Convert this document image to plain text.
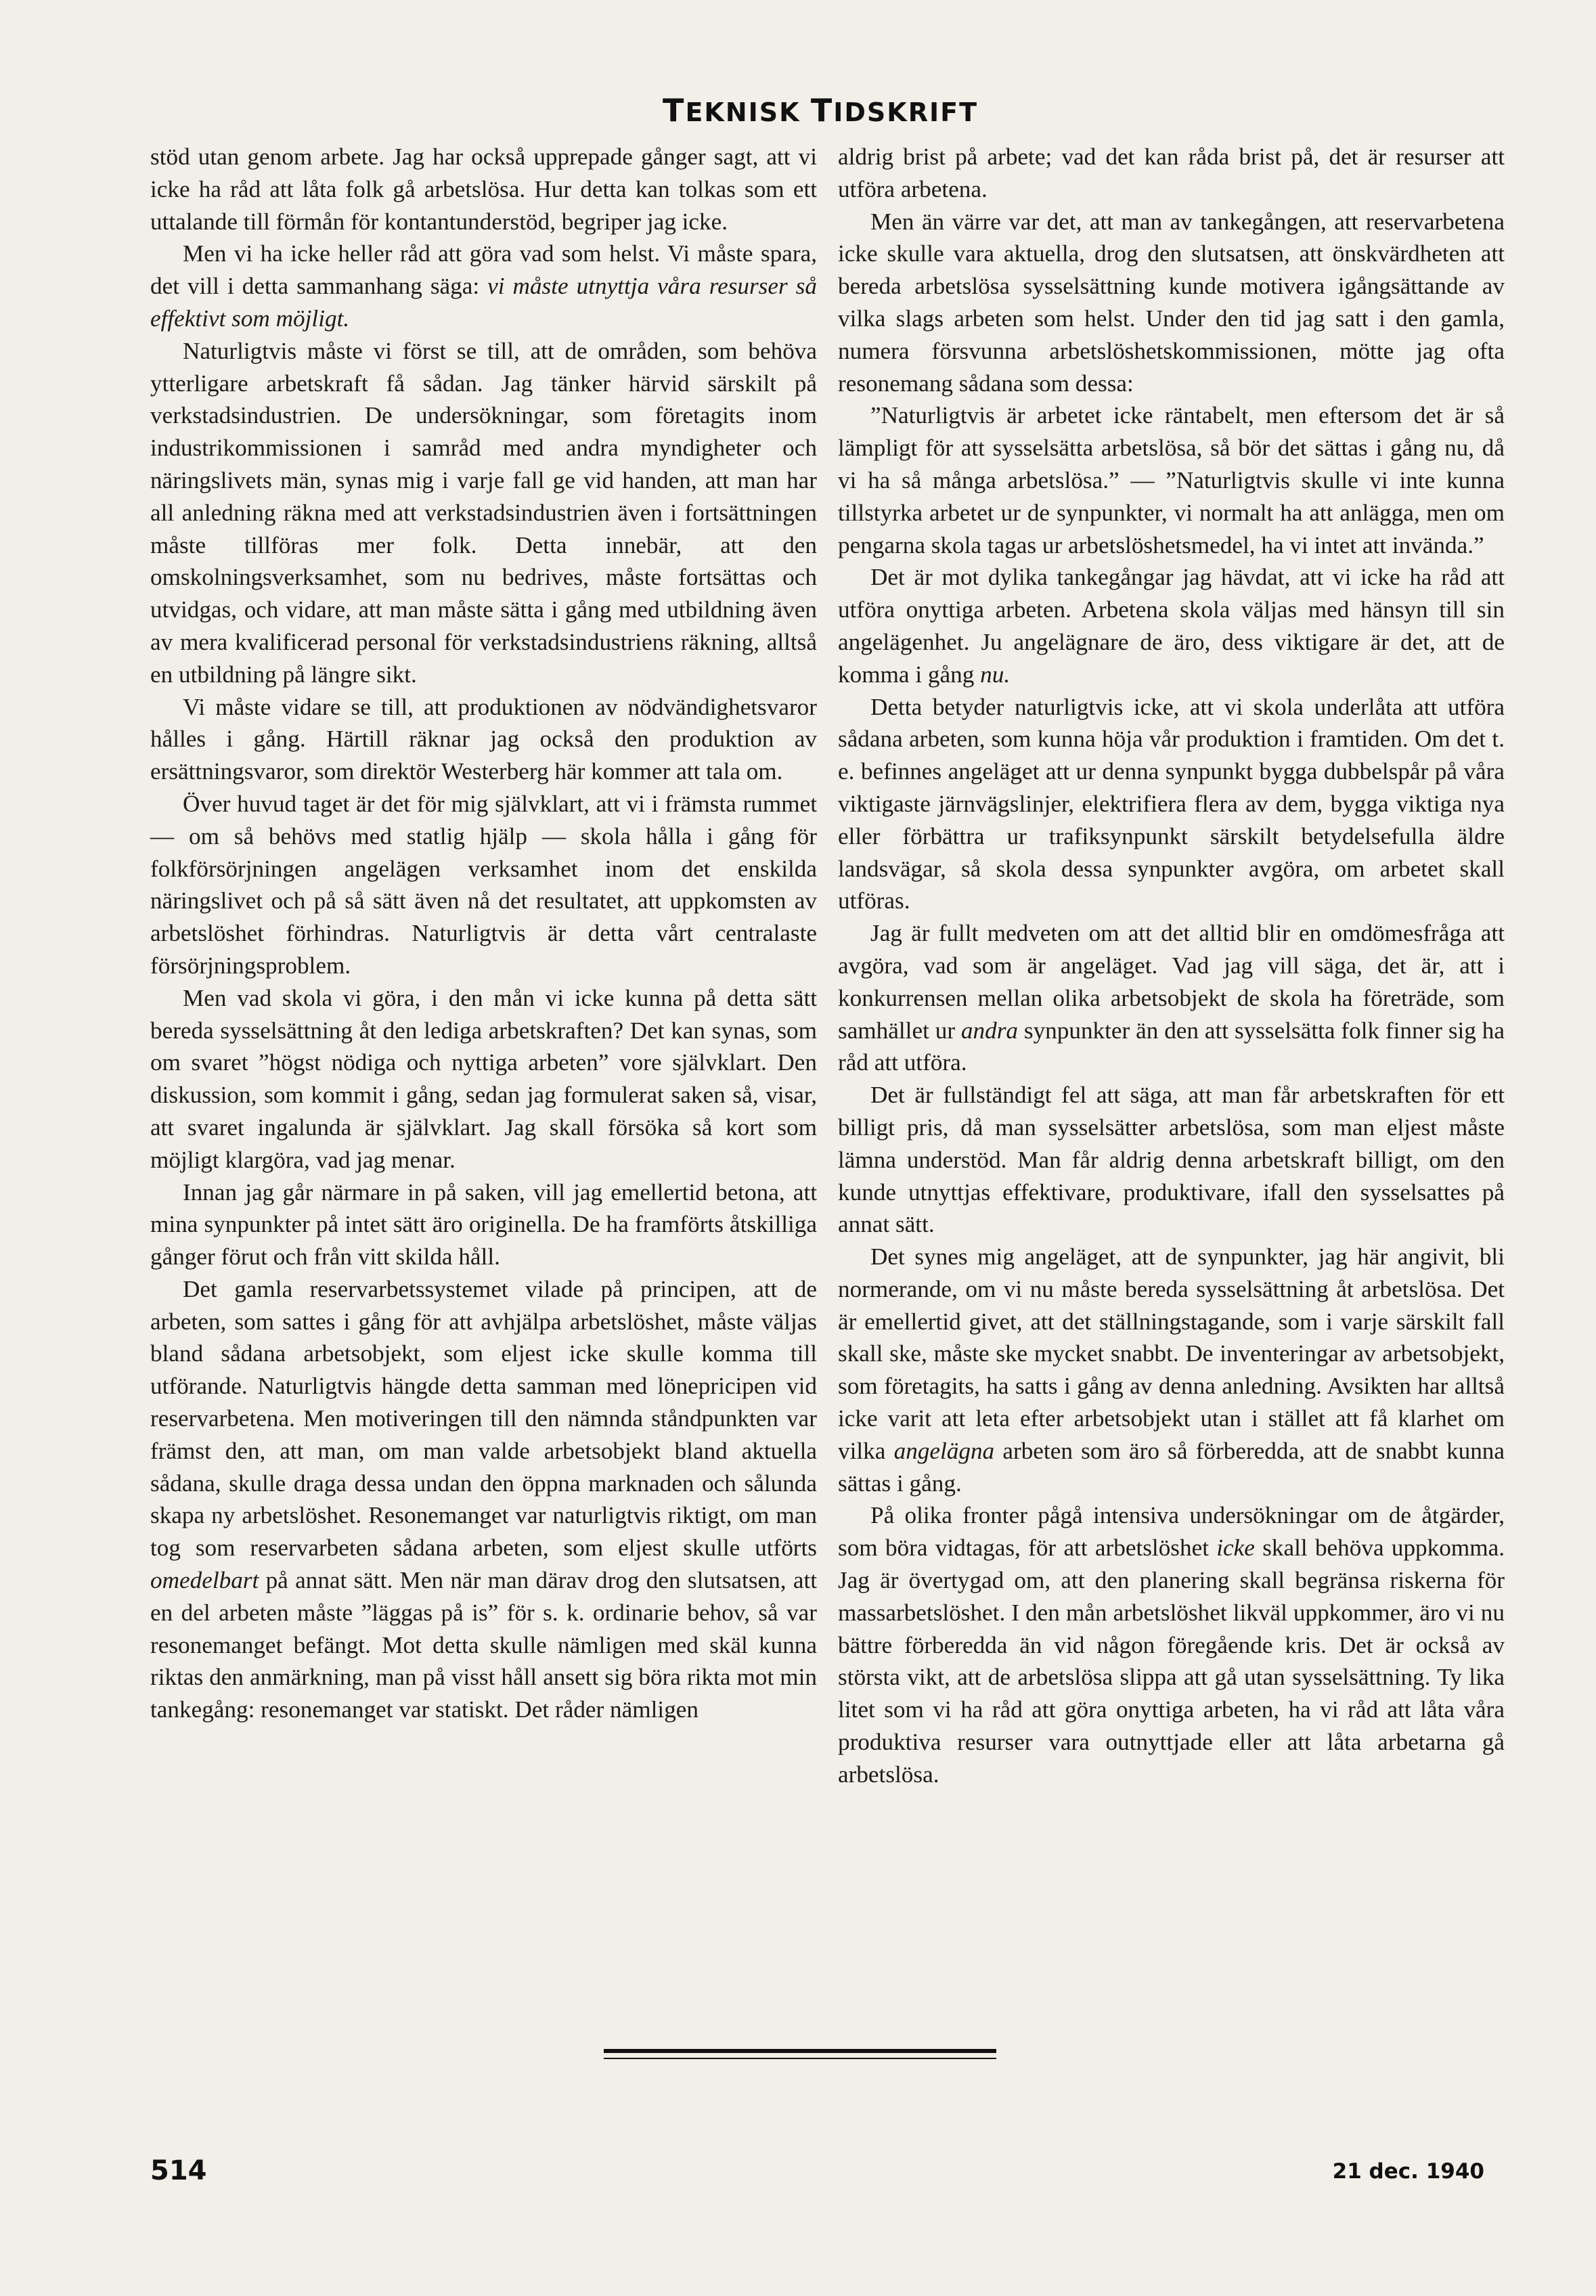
TEKNISK TIDSKRIFT

stöd utan genom arbete. Jag har också upprepade gånger sagt, att vi icke ha råd att låta folk gå arbetslösa. Hur detta kan tolkas som ett uttalande till förmån för kontantunderstöd, begriper jag icke.

Men vi ha icke heller råd att göra vad som helst. Vi måste spara, det vill i detta sammanhang säga: vi måste utnyttja våra resurser så effektivt som möjligt.

Naturligtvis måste vi först se till, att de områden, som behöva ytterligare arbetskraft få sådan. Jag tänker härvid särskilt på verkstadsindustrien. De undersökningar, som företagits inom industrikommissionen i samråd med andra myndigheter och näringslivets män, synas mig i varje fall ge vid handen, att man har all anledning räkna med att verkstadsindustrien även i fortsättningen måste tillföras mer folk. Detta innebär, att den omskolningsverksamhet, som nu bedrives, måste fortsättas och utvidgas, och vidare, att man måste sätta i gång med utbildning även av mera kvalificerad personal för verkstadsindustriens räkning, alltså en utbildning på längre sikt.

Vi måste vidare se till, att produktionen av nödvändighetsvaror hålles i gång. Härtill räknar jag också den produktion av ersättningsvaror, som direktör Westerberg här kommer att tala om.

Över huvud taget är det för mig självklart, att vi i främsta rummet — om så behövs med statlig hjälp — skola hålla i gång för folkförsörjningen angelägen verksamhet inom det enskilda näringslivet och på så sätt även nå det resultatet, att uppkomsten av arbetslöshet förhindras. Naturligtvis är detta vårt centralaste försörjningsproblem.

Men vad skola vi göra, i den mån vi icke kunna på detta sätt bereda sysselsättning åt den lediga arbetskraften? Det kan synas, som om svaret ”högst nödiga och nyttiga arbeten” vore självklart. Den diskussion, som kommit i gång, sedan jag formulerat saken så, visar, att svaret ingalunda är självklart. Jag skall försöka så kort som möjligt klargöra, vad jag menar.

Innan jag går närmare in på saken, vill jag emellertid betona, att mina synpunkter på intet sätt äro originella. De ha framförts åtskilliga gånger förut och från vitt skilda håll.

Det gamla reservarbetssystemet vilade på principen, att de arbeten, som sattes i gång för att avhjälpa arbetslöshet, måste väljas bland sådana arbetsobjekt, som eljest icke skulle komma till utförande. Naturligtvis hängde detta samman med lönepricipen vid reservarbetena. Men motiveringen till den nämnda ståndpunkten var främst den, att man, om man valde arbetsobjekt bland aktuella sådana, skulle draga dessa undan den öppna marknaden och sålunda skapa ny arbetslöshet. Resonemanget var naturligtvis riktigt, om man tog som reservarbeten sådana arbeten, som eljest skulle utförts omedelbart på annat sätt. Men när man därav drog den slutsatsen, att en del arbeten måste ”läggas på is” för s. k. ordinarie behov, så var resonemanget befängt. Mot detta skulle nämligen med skäl kunna riktas den anmärkning, man på visst håll ansett sig böra rikta mot min tankegång: resonemanget var statiskt. Det råder nämligen

aldrig brist på arbete; vad det kan råda brist på, det är resurser att utföra arbetena.

Men än värre var det, att man av tankegången, att reservarbetena icke skulle vara aktuella, drog den slutsatsen, att önskvärdheten att bereda arbetslösa sysselsättning kunde motivera igångsättande av vilka slags arbeten som helst. Under den tid jag satt i den gamla, numera försvunna arbetslöshetskommissionen, mötte jag ofta resonemang sådana som dessa:

”Naturligtvis är arbetet icke räntabelt, men eftersom det är så lämpligt för att sysselsätta arbetslösa, så bör det sättas i gång nu, då vi ha så många arbetslösa.” — ”Naturligtvis skulle vi inte kunna tillstyrka arbetet ur de synpunkter, vi normalt ha att anlägga, men om pengarna skola tagas ur arbetslöshetsmedel, ha vi intet att invända.”

Det är mot dylika tankegångar jag hävdat, att vi icke ha råd att utföra onyttiga arbeten. Arbetena skola väljas med hänsyn till sin angelägenhet. Ju angelägnare de äro, dess viktigare är det, att de komma i gång nu.

Detta betyder naturligtvis icke, att vi skola underlåta att utföra sådana arbeten, som kunna höja vår produktion i framtiden. Om det t. e. befinnes angeläget att ur denna synpunkt bygga dubbelspår på våra viktigaste järnvägslinjer, elektrifiera flera av dem, bygga viktiga nya eller förbättra ur trafiksynpunkt särskilt betydelsefulla äldre landsvägar, så skola dessa synpunkter avgöra, om arbetet skall utföras.

Jag är fullt medveten om att det alltid blir en omdömesfråga att avgöra, vad som är angeläget. Vad jag vill säga, det är, att i konkurrensen mellan olika arbetsobjekt de skola ha företräde, som samhället ur andra synpunkter än den att sysselsätta folk finner sig ha råd att utföra.

Det är fullständigt fel att säga, att man får arbetskraften för ett billigt pris, då man sysselsätter arbetslösa, som man eljest måste lämna understöd. Man får aldrig denna arbetskraft billigt, om den kunde utnyttjas effektivare, produktivare, ifall den sysselsattes på annat sätt.

Det synes mig angeläget, att de synpunkter, jag här angivit, bli normerande, om vi nu måste bereda sysselsättning åt arbetslösa. Det är emellertid givet, att det ställningstagande, som i varje särskilt fall skall ske, måste ske mycket snabbt. De inventeringar av arbetsobjekt, som företagits, ha satts i gång av denna anledning. Avsikten har alltså icke varit att leta efter arbetsobjekt utan i stället att få klarhet om vilka angelägna arbeten som äro så förberedda, att de snabbt kunna sättas i gång.

På olika fronter pågå intensiva undersökningar om de åtgärder, som böra vidtagas, för att arbetslöshet icke skall behöva uppkomma. Jag är övertygad om, att den planering skall begränsa riskerna för massarbetslöshet. I den mån arbetslöshet likväl uppkommer, äro vi nu bättre förberedda än vid någon föregående kris. Det är också av största vikt, att de arbetslösa slippa att gå utan sysselsättning. Ty lika litet som vi ha råd att göra onyttiga arbeten, ha vi råd att låta våra produktiva resurser vara outnyttjade eller att låta arbetarna gå arbetslösa.

514	21 dec. 1940
